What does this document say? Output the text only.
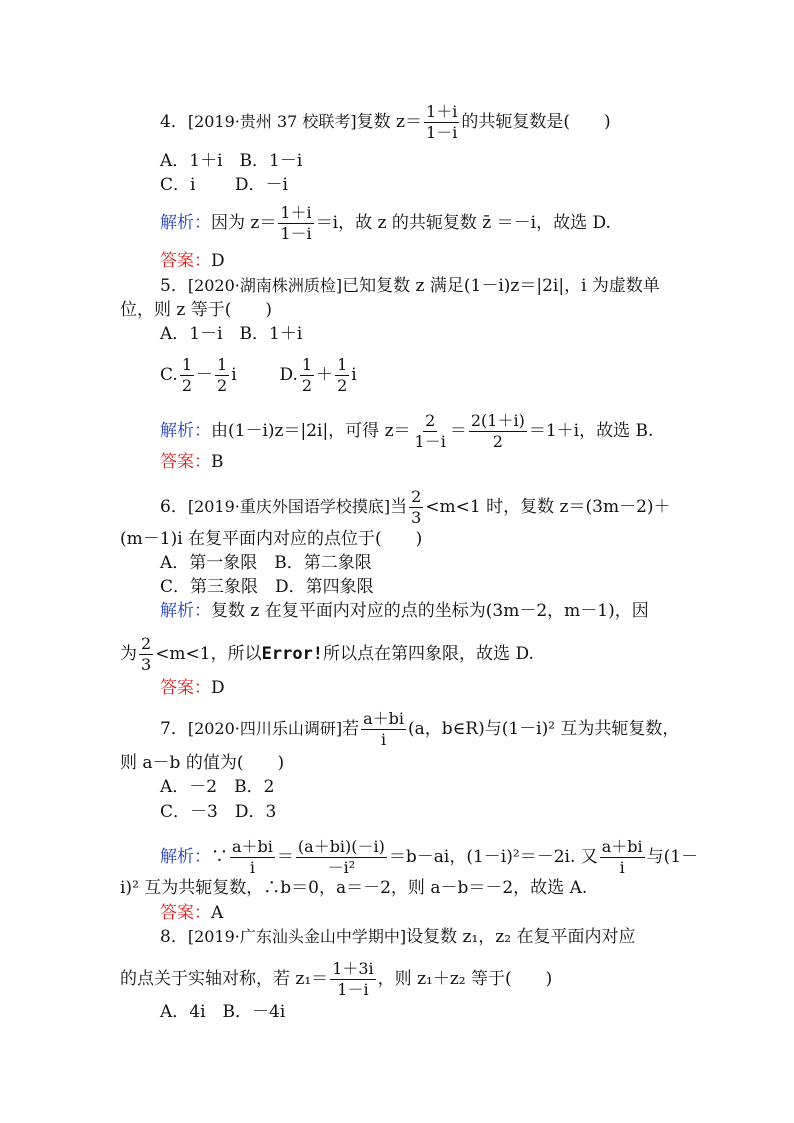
4．[2019·贵州 37 校联考]复数 $z= \frac{1+i}{1-i}$ 的共轭复数是(　　)
A．1＋i　B．1－i
C．i　　 D．－i
解析：因为 $z= \frac{1+i}{1-i} =i$，故 z 的共轭复数 z̄ ＝－i，故选 D.
答案：D
5．[2020·湖南株洲质检]已知复数 z 满足(1－i)z＝|2i|，i 为虚数单
位，则 z 等于(　　)
A．1－i　B．1＋i
C. $\frac{1}{2} - \frac{1}{2}$ i	D. $\frac{1}{2} + \frac{1}{2}$ i
解析：由(1－i)z＝|2i|，可得 $z= \frac{2}{1-i} = \frac{2(1+i)}{2} =1+i$，故选 B.
答案：B
6．[2019·重庆外国语学校摸底]当 $\frac{2}{3} <m<1$ 时，复数 z＝(3m－2)＋
(m－1)i 在复平面内对应的点位于(　　)
A．第一象限　B．第二象限
C．第三象限　D．第四象限
解析：复数 z 在复平面内对应的点的坐标为(3m－2，m－1)，因
为 $\frac{2}{3} <m<1$，所以Error!所以点在第四象限，故选 D.
答案：D
7．[2020·四川乐山调研]若 $\frac{a+bi}{i} (a$，b∈R)与(1－i)² 互为共轭复数，
则 a－b 的值为(　　)
A．－2　B．2
C．－3　D．3
解析：∵ $\frac{a+bi}{i} = \frac{(a+bi)(-i)}{\text{－i²}} =b-ai$，(1－i)²＝－2i. 又 $\frac{a+bi}{i}$ 与(1－
i)² 互为共轭复数，∴b＝0，a＝－2，则 a－b＝－2，故选 A.
答案：A
8．[2019·广东汕头金山中学期中]设复数 z₁，z₂ 在复平面内对应
的点关于实轴对称，若 $z_1= \frac{1+3i}{1-i}$ ，则 z₁＋z₂ 等于(　　)
A．4i　B．－4i
